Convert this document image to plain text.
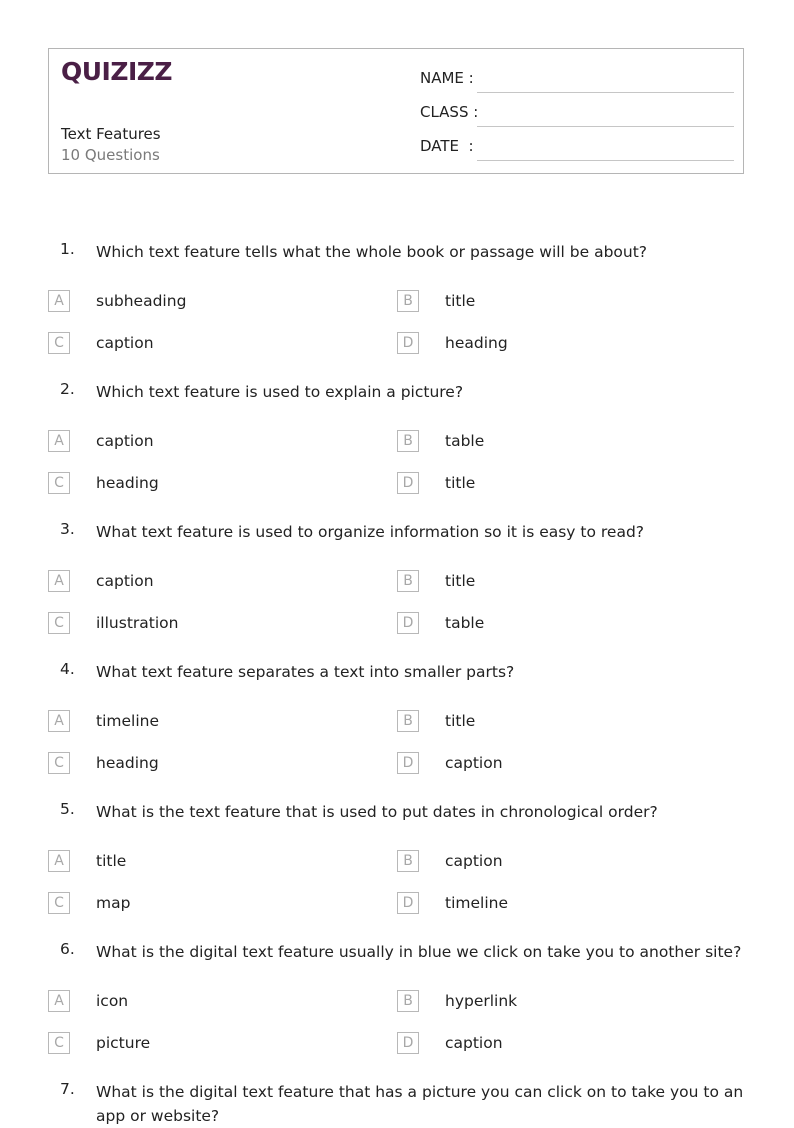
QUIZIZZ
Text Features
10 Questions
NAME :
CLASS :
DATE  :
1.	Which text feature tells what the whole book or passage will be about?
A	subheading	B	title
C	caption	D	heading
2.	Which text feature is used to explain a picture?
A	caption	B	table
C	heading	D	title
3.	What text feature is used to organize information so it is easy to read?
A	caption	B	title
C	illustration	D	table
4.	What text feature separates a text into smaller parts?
A	timeline	B	title
C	heading	D	caption
5.	What is the text feature that is used to put dates in chronological order?
A	title	B	caption
C	map	D	timeline
6.	What is the digital text feature usually in blue we click on take you to another site?
A	icon	B	hyperlink
C	picture	D	caption
7.	What is the digital text feature that has a picture you can click on to take you to an app or website?
